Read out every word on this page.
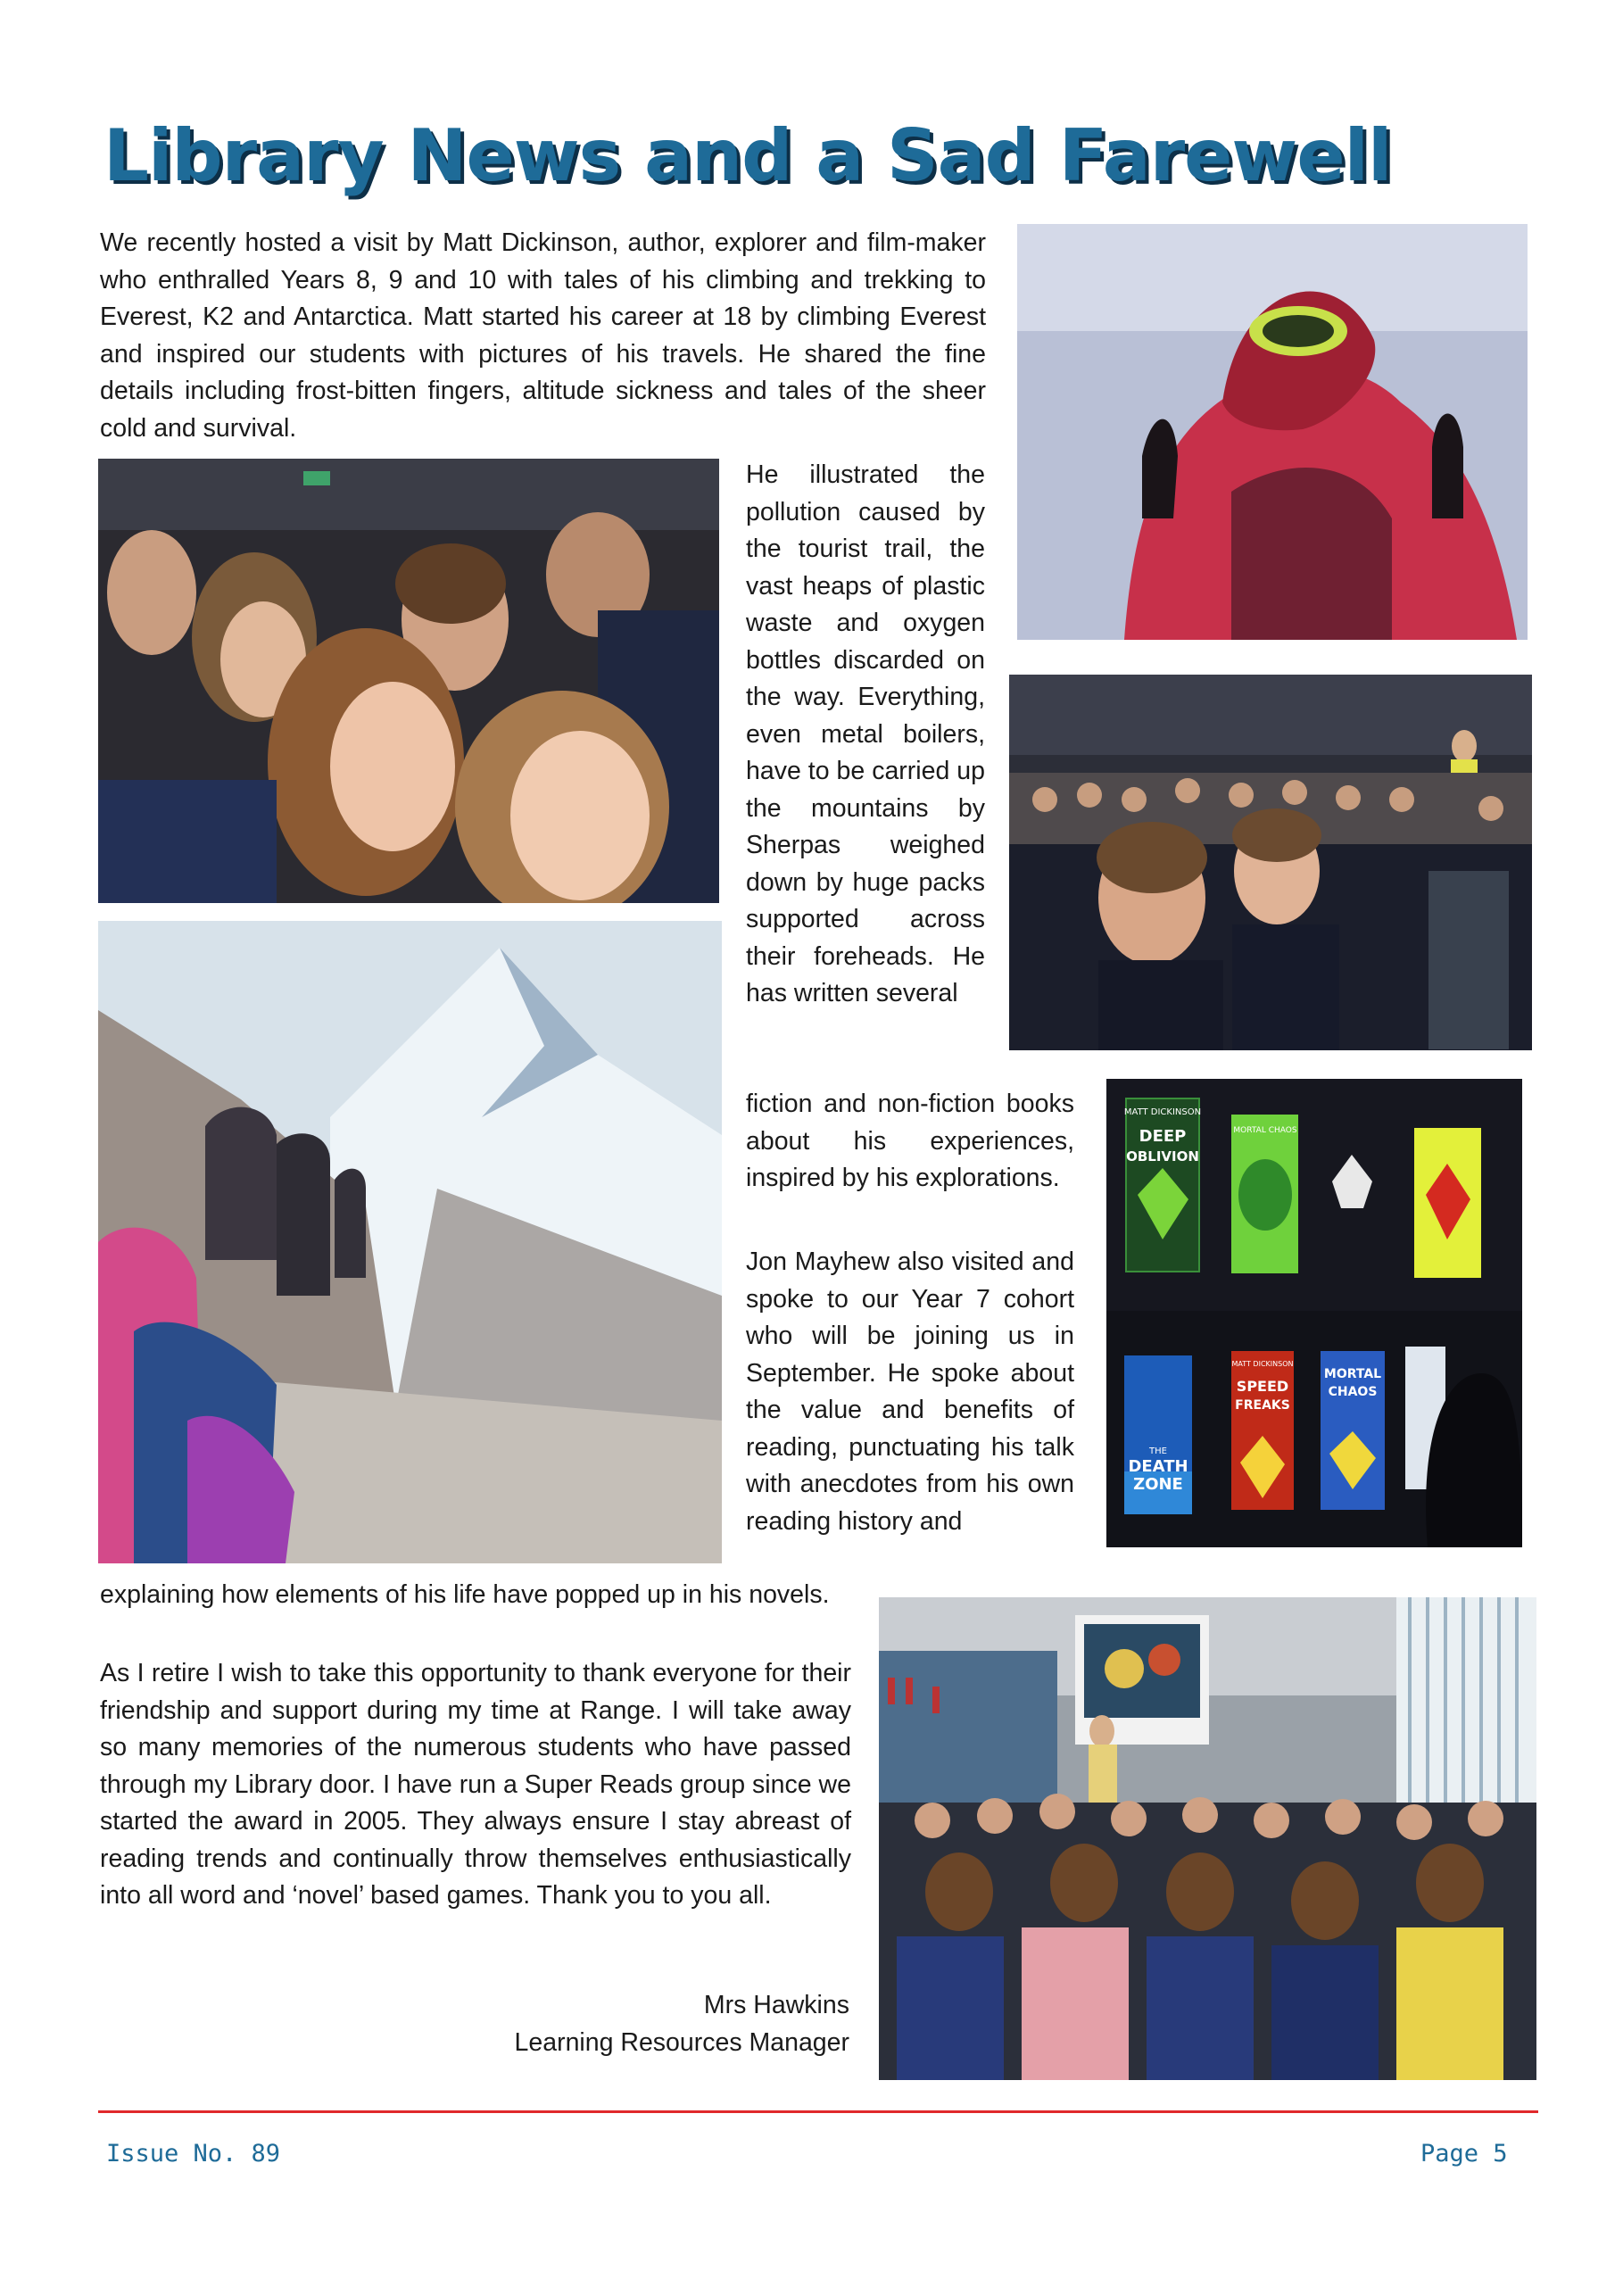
Library News and a Sad Farewell

We recently hosted a visit by Matt Dickinson, author, explorer and film-maker who enthralled Years 8, 9 and 10 with tales of his climbing and trekking to Everest, K2 and Antarctica. Matt started his career at 18 by climbing Everest and inspired our students with pictures of his travels. He shared the fine details including frost-bitten fingers, altitude sickness and tales of the sheer cold and survival.

He illustrated the pollution caused by the tourist trail, the vast heaps of plastic waste and oxygen bottles discarded on the way. Everything, even metal boilers, have to be carried up the mountains by Sherpas weighed down by huge packs supported across their foreheads. He has written several

fiction and non-fiction books about his experiences, inspired by his explorations.

MATT DICKINSON
DEEP
OBLIVION
MORTAL CHAOS
THE
DEATH
ZONE
MATT DICKINSON
SPEED
FREAKS
MORTAL
CHAOS

Jon Mayhew also visited and spoke to our Year 7 cohort who will be joining us in September. He spoke about the value and benefits of reading, punctuating his talk with anecdotes from his own reading history and

explaining how elements of his life have popped up in his novels.

As I retire I wish to take this opportunity to thank everyone for their friendship and support during my time at Range. I will take away so many memories of the numerous students who have passed through my Library door. I have run a Super Reads group since we started the award in 2005. They always ensure I stay abreast of reading trends and continually throw themselves enthusiastically into all word and ‘novel’ based games. Thank you to you all.

Mrs Hawkins
Learning Resources Manager
Issue No. 89	Page 5
